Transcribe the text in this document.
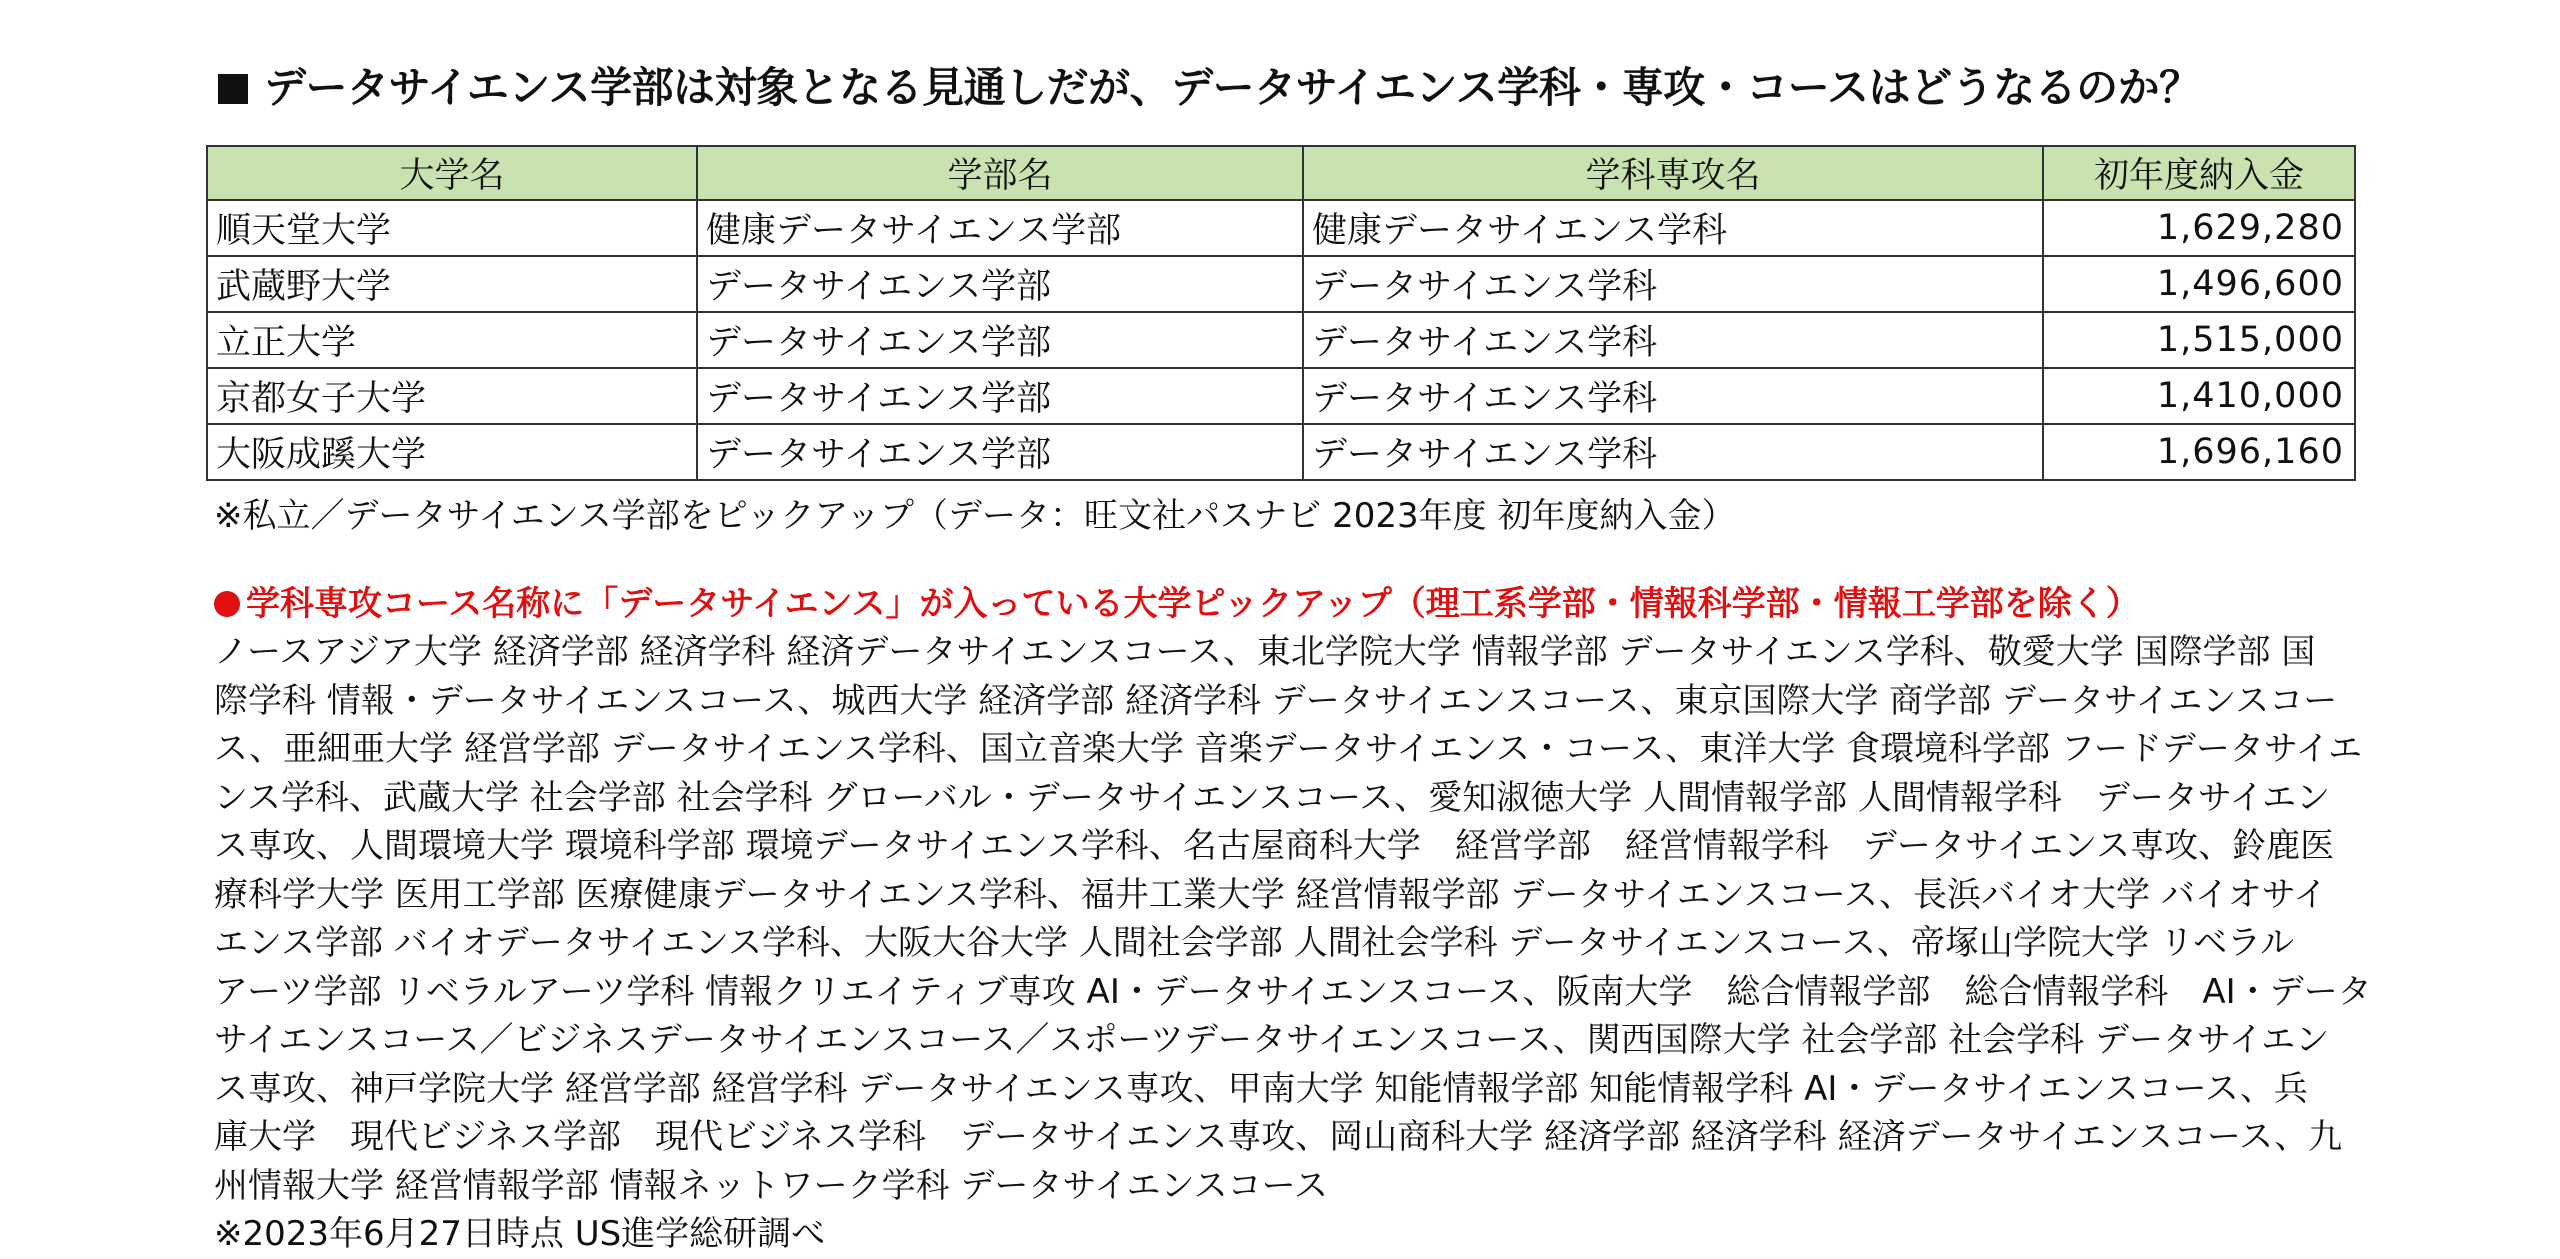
データサイエンス学部は対象となる見通しだが、データサイエンス学科・専攻・コースはどうなるのか？
大学名	学部名	学科専攻名	初年度納入金
順天堂大学	健康データサイエンス学部	健康データサイエンス学科	1,629,280
武蔵野大学	データサイエンス学部	データサイエンス学科	1,496,600
立正大学	データサイエンス学部	データサイエンス学科	1,515,000
京都女子大学	データサイエンス学部	データサイエンス学科	1,410,000
大阪成蹊大学	データサイエンス学部	データサイエンス学科	1,696,160
※私立／データサイエンス学部をピックアップ（データ：旺文社パスナビ 2023年度 初年度納入金）
学科専攻コース名称に「データサイエンス」が入っている大学ピックアップ（理工系学部・情報科学部・情報工学部を除く）
ノースアジア大学 経済学部 経済学科 経済データサイエンスコース、東北学院大学 情報学部 データサイエンス学科、敬愛大学 国際学部 国
際学科 情報・データサイエンスコース、城西大学 経済学部 経済学科 データサイエンスコース、東京国際大学 商学部 データサイエンスコー
ス、亜細亜大学 経営学部 データサイエンス学科、国立音楽大学 音楽データサイエンス・コース、東洋大学 食環境科学部 フードデータサイエ
ンス学科、武蔵大学 社会学部 社会学科 グローバル・データサイエンスコース、愛知淑徳大学 人間情報学部 人間情報学科　データサイエン
ス専攻、人間環境大学 環境科学部 環境データサイエンス学科、名古屋商科大学　経営学部　経営情報学科　データサイエンス専攻、鈴鹿医
療科学大学 医用工学部 医療健康データサイエンス学科、福井工業大学 経営情報学部 データサイエンスコース、長浜バイオ大学 バイオサイ
エンス学部 バイオデータサイエンス学科、大阪大谷大学 人間社会学部 人間社会学科 データサイエンスコース、帝塚山学院大学 リベラル
アーツ学部 リベラルアーツ学科 情報クリエイティブ専攻 AI・データサイエンスコース、阪南大学　総合情報学部　総合情報学科　AI・データ
サイエンスコース／ビジネスデータサイエンスコース／スポーツデータサイエンスコース、関西国際大学 社会学部 社会学科 データサイエン
ス専攻、神戸学院大学 経営学部 経営学科 データサイエンス専攻、甲南大学 知能情報学部 知能情報学科 AI・データサイエンスコース、兵
庫大学　現代ビジネス学部　現代ビジネス学科　データサイエンス専攻、岡山商科大学 経済学部 経済学科 経済データサイエンスコース、九
州情報大学 経営情報学部 情報ネットワーク学科 データサイエンスコース
※2023年6月27日時点 US進学総研調べ
